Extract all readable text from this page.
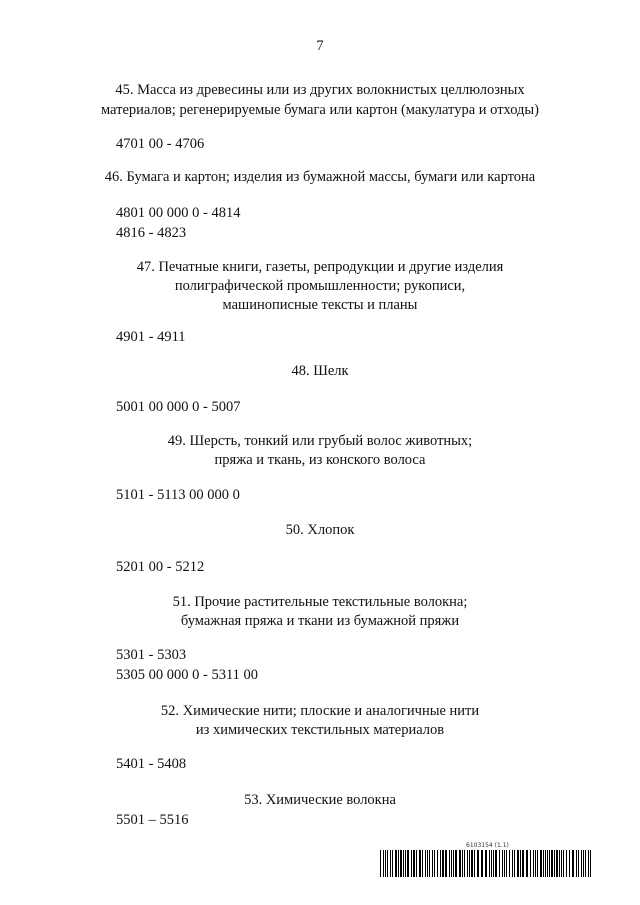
7
45. Масса из древесины или из других волокнистых целлюлозных
материалов; регенерируемые бумага или картон (макулатура и отходы)
4701 00 - 4706
46. Бумага и картон; изделия из бумажной массы, бумаги или картона
4801 00 000 0 - 4814
4816 - 4823
47. Печатные книги, газеты, репродукции и другие изделия
полиграфической промышленности; рукописи,
машинописные тексты и планы
4901 - 4911
48. Шелк
5001 00 000 0 - 5007
49. Шерсть, тонкий или грубый волос животных;
пряжа и ткань, из конского волоса
5101 - 5113 00 000 0
50. Хлопок
5201 00 - 5212
51. Прочие растительные текстильные волокна;
бумажная пряжа и ткани из бумажной пряжи
5301 - 5303
5305 00 000 0 - 5311 00
52. Химические нити; плоские и аналогичные нити
из химических текстильных материалов
5401 - 5408
53. Химические волокна
5501 – 5516
6103154 (1.1)
